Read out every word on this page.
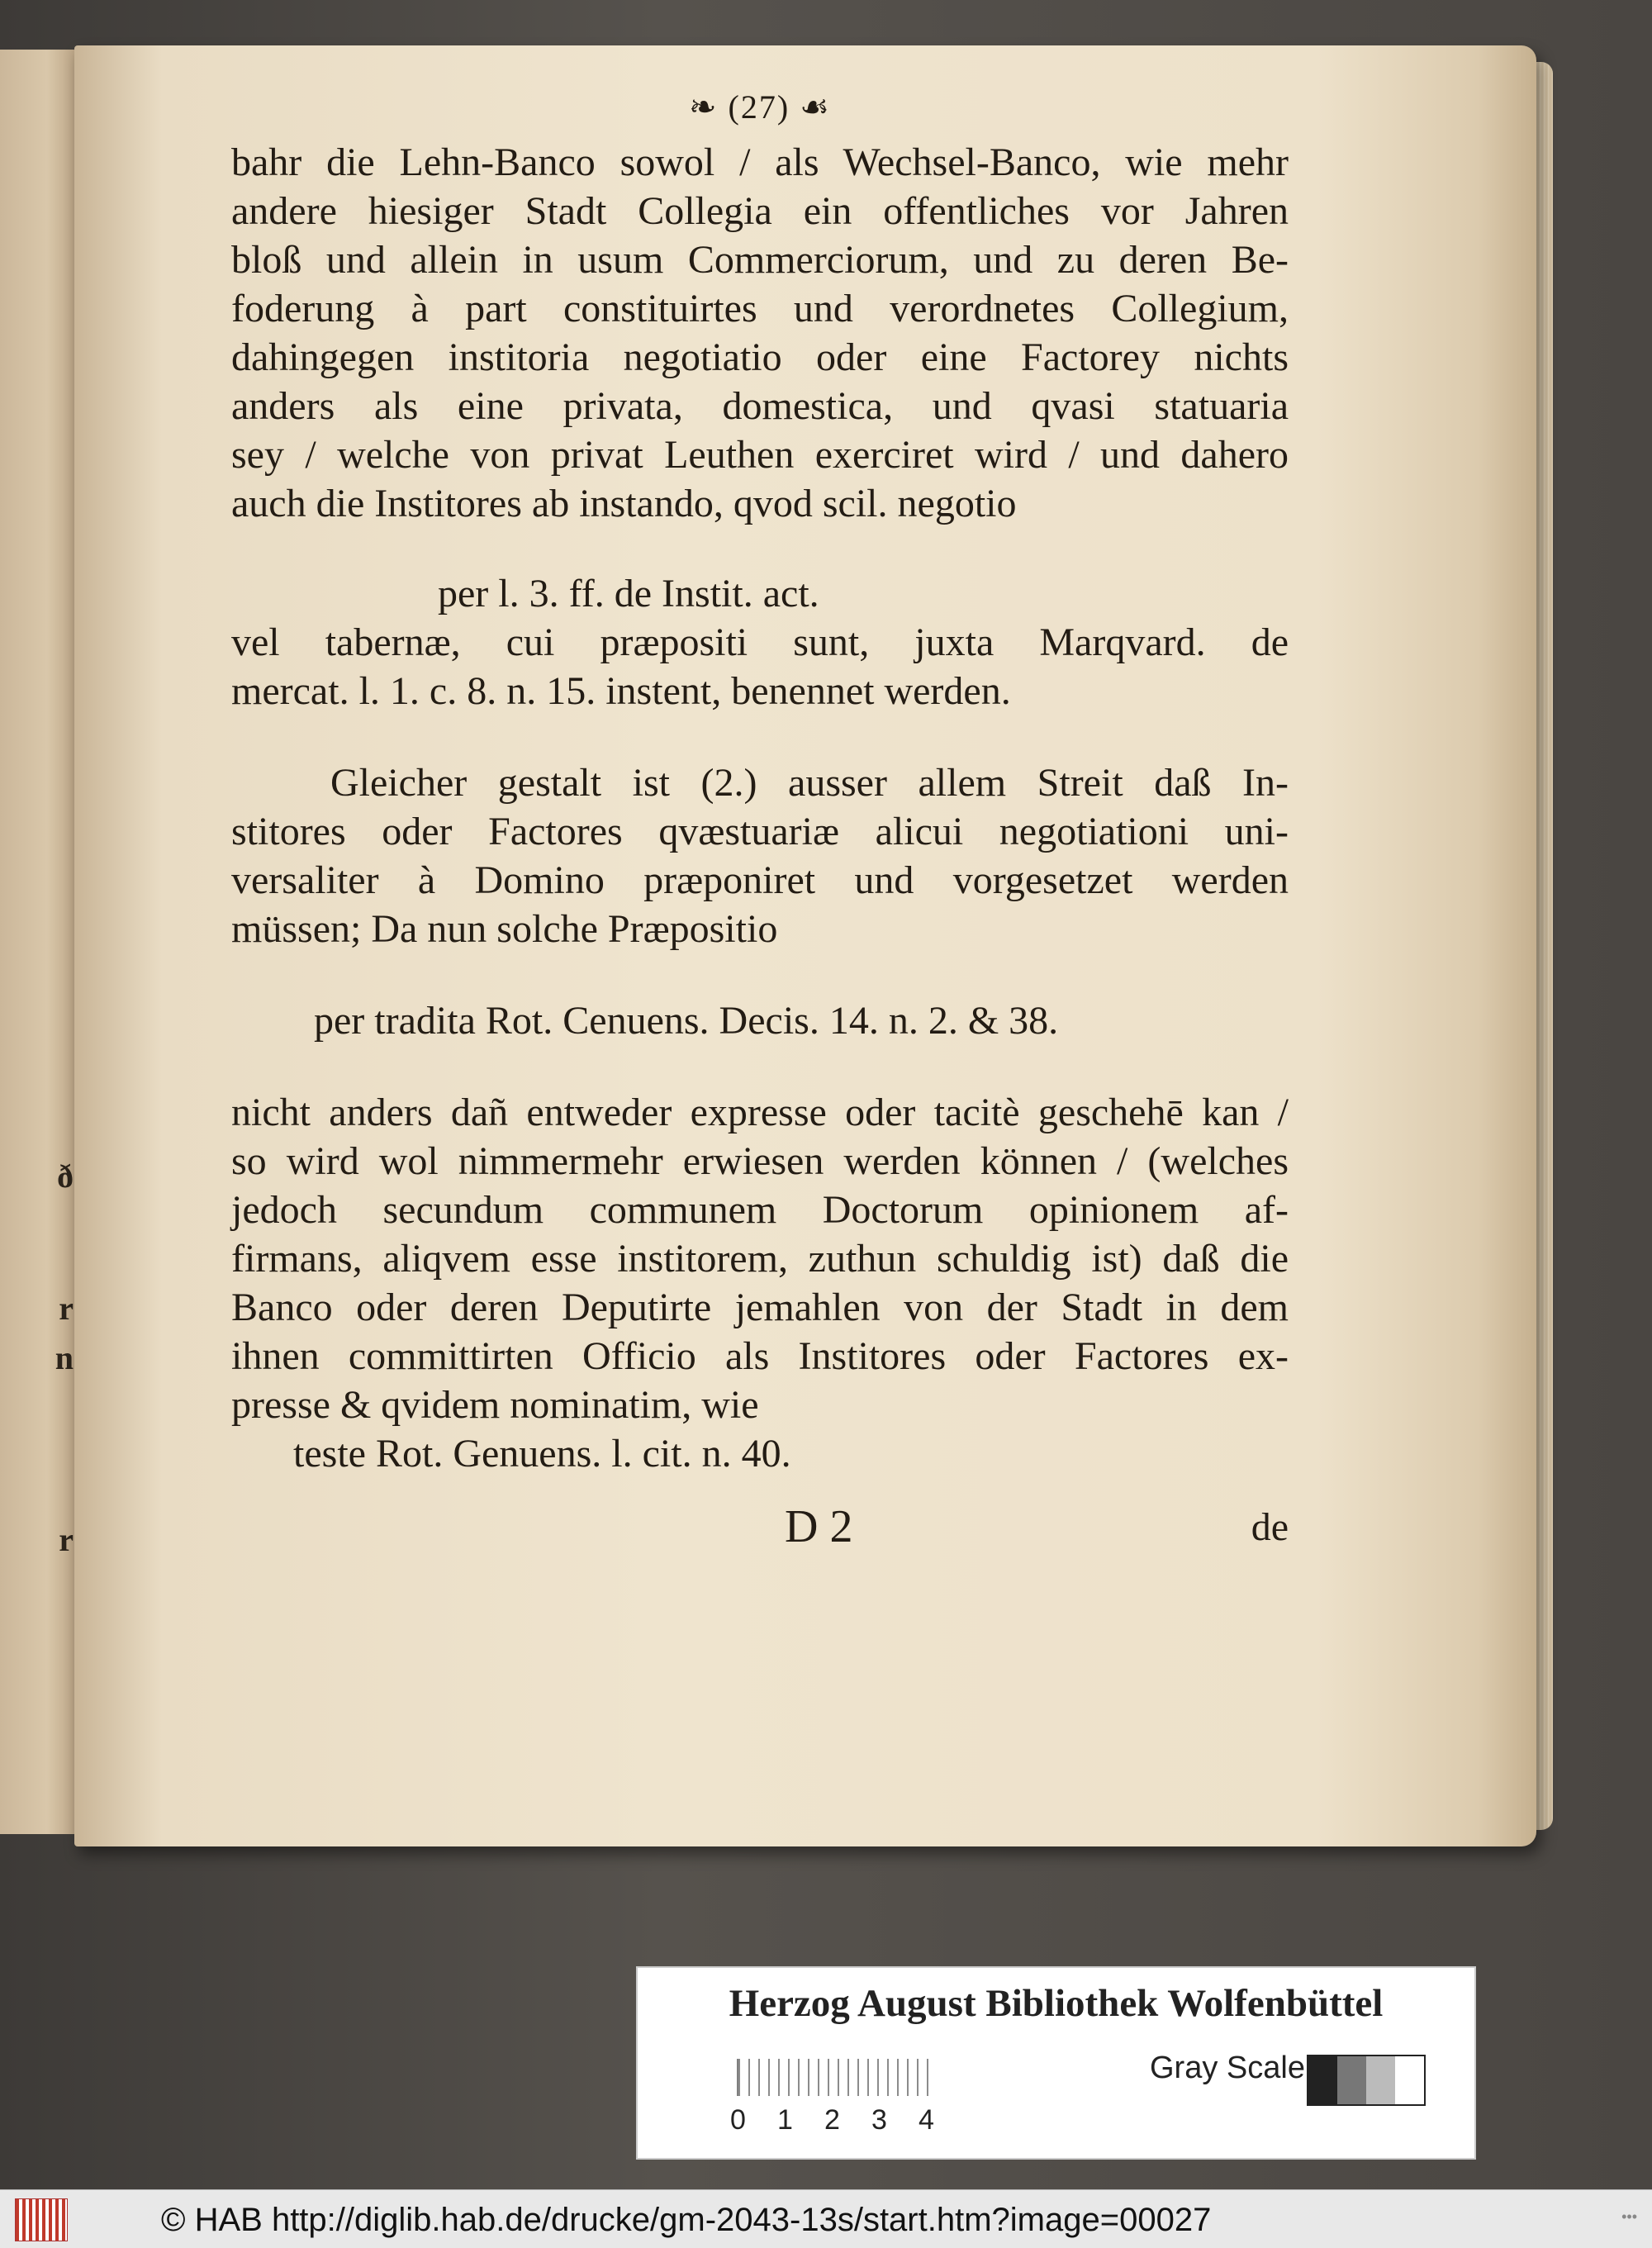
ð
r
n
r
❧ (27) ☙
bahr die Lehn-Banco sowol / als Wechsel-Banco, wie mehr
andere hiesiger Stadt Collegia ein offentliches vor Jahren
bloß und allein in usum Commerciorum, und zu deren Be-
foderung à part constituirtes und verordnetes Collegium,
dahingegen institoria negotiatio oder eine Factorey nichts
anders als eine privata, domestica, und qvasi statuaria
sey / welche von privat Leuthen exerciret wird / und dahero
auch die Institores ab instando, qvod scil. negotio
per l. 3. ff. de Instit. act.
vel tabernæ, cui præpositi sunt, juxta Marqvard. de
mercat. l. 1. c. 8. n. 15. instent, benennet werden.
Gleicher gestalt ist (2.) ausser allem Streit daß In-
stitores oder Factores qvæstuariæ alicui negotiationi uni-
versaliter à Domino præponiret und vorgesetzet werden
müssen; Da nun solche Præpositio
per tradita Rot. Cenuens. Decis. 14. n. 2. & 38.
nicht anders dañ entweder expresse oder tacitè geschehē kan /
so wird wol nimmermehr erwiesen werden können / (welches
jedoch secundum communem Doctorum opinionem af-
firmans, aliqvem esse institorem, zuthun schuldig ist) daß die
Banco oder deren Deputirte jemahlen von der Stadt in dem
ihnen committirten Officio als Institores oder Factores ex-
presse & qvidem nominatim, wie
teste Rot. Genuens. l. cit. n. 40.
D 2	de
Herzog August Bibliothek Wolfenbüttel
0 1 2 3 4
Gray Scale
© HAB http://diglib.hab.de/drucke/gm-2043-13s/start.htm?image=00027	•••
